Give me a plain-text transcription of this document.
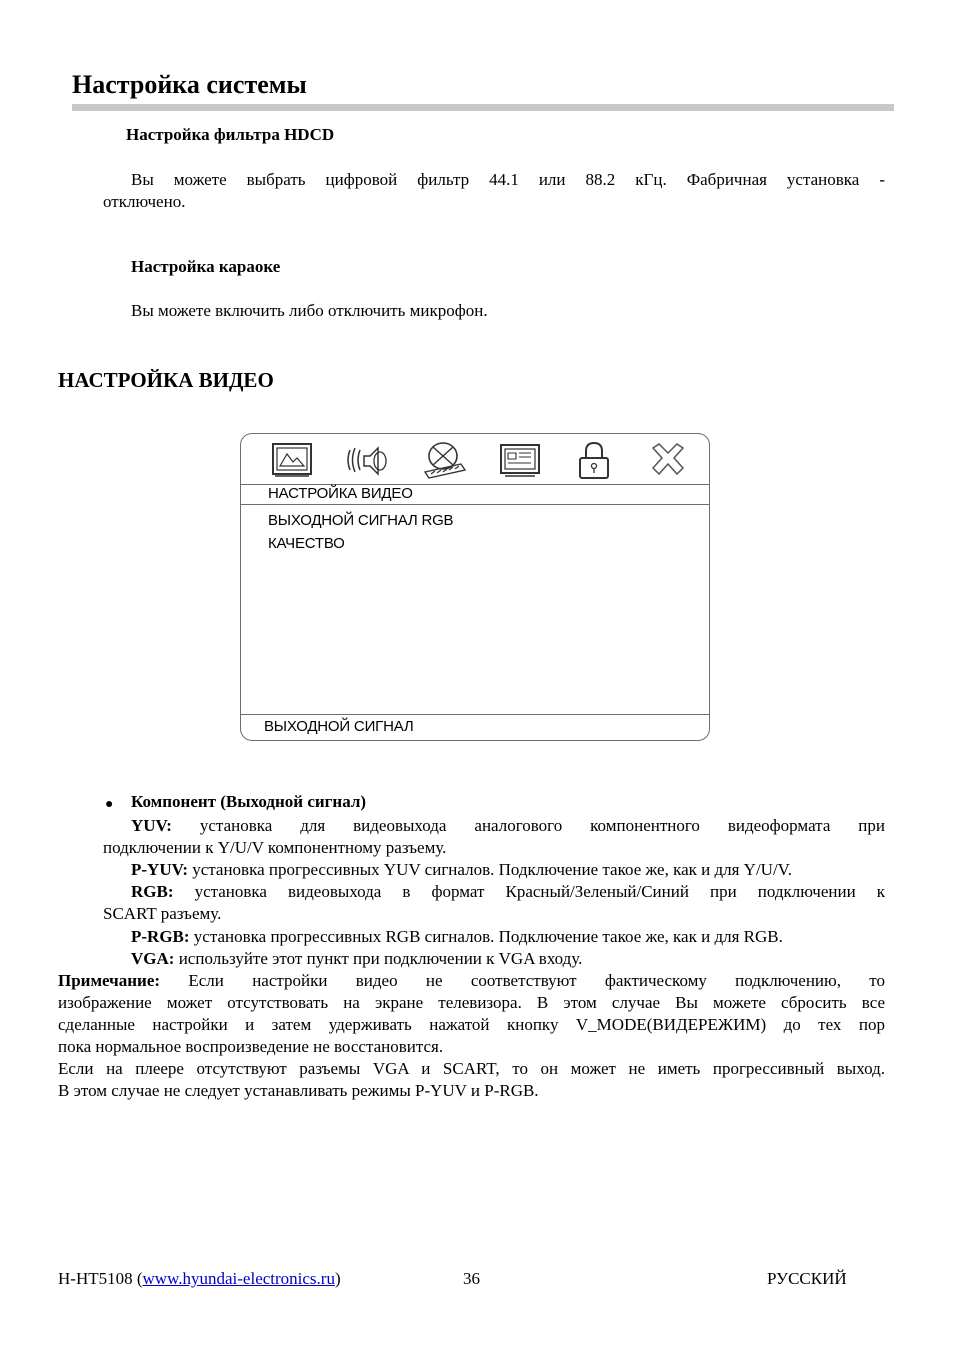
Настройка системы
Настройка фильтра HDCD
Вы можете выбрать цифровой фильтр 44.1 или 88.2 кГц. Фабричная установка -
отключено.
Настройка караоке
Вы можете включить либо отключить микрофон.
НАСТРОЙКА ВИДЕО
НАСТРОЙКА ВИДЕО
ВЫХОДНОЙ СИГНАЛ RGB
КАЧЕСТВО
ВЫХОДНОЙ СИГНАЛ
● Компонент (Выходной сигнал)
YUV: установка для видеовыхода аналогового компонентного видеоформата при
подключении к Y/U/V компонентному разъему.
P-YUV: установка прогрессивных YUV сигналов. Подключение такое же, как и для Y/U/V.
RGB: установка видеовыхода в формат Красный/Зеленый/Синий при подключении к
SCART разъему.
P-RGB: установка прогрессивных RGB сигналов. Подключение такое же, как и для RGB.
VGA: используйте этот пункт при подключении к VGA входу.
Примечание: Если настройки видео не соответствуют фактическому подключению, то
изображение может отсутствовать на экране телевизора. В этом случае Вы можете сбросить все
сделанные настройки и затем удерживать нажатой кнопку V_MODE(ВИДЕРЕЖИМ) до тех пор
пока нормальное воспроизведение не восстановится.
Если на плеере отсутствуют разъемы VGA и SCART, то он может не иметь прогрессивный выход.
В этом случае не следует устанавливать режимы P-YUV и P-RGB.
H-HT5108 (www.hyundai-electronics.ru)	36	РУССКИЙ
